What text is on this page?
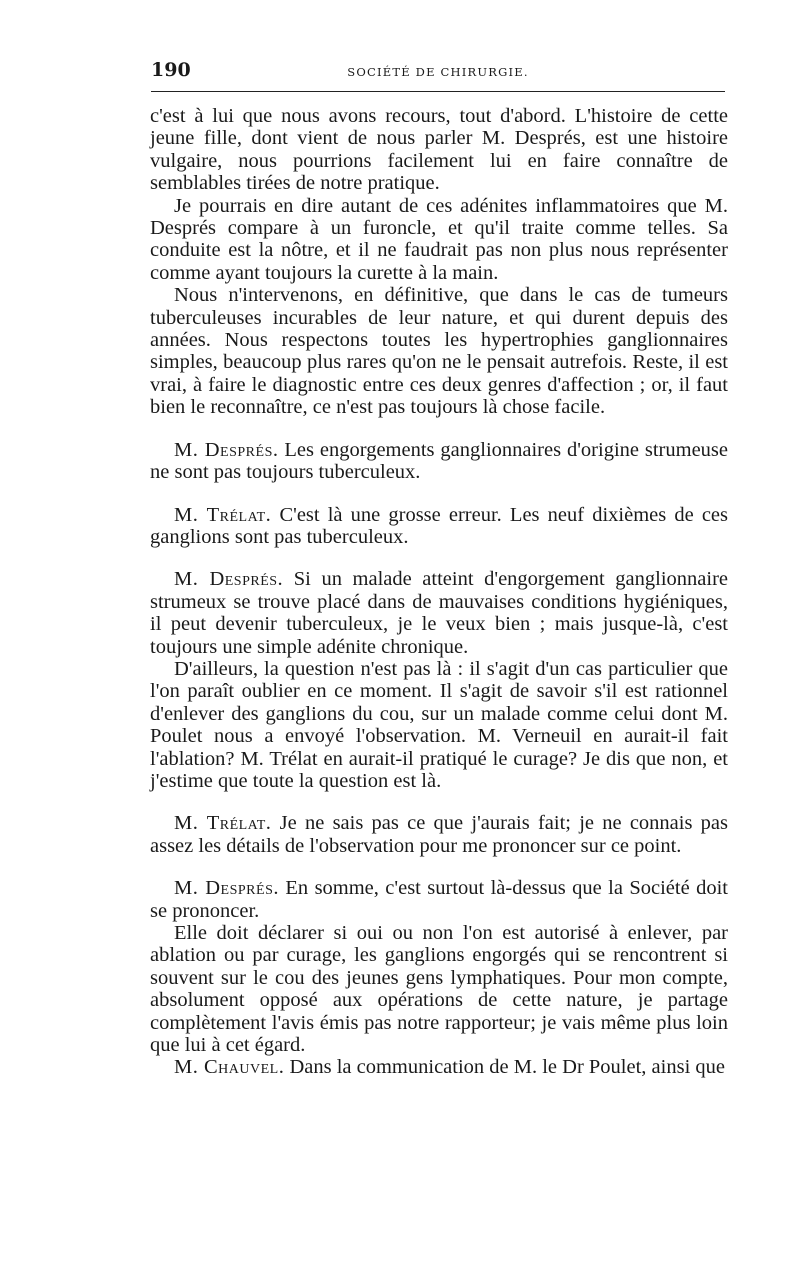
190	SOCIÉTÉ DE CHIRURGIE.

c'est à lui que nous avons recours, tout d'abord. L'histoire de cette jeune fille, dont vient de nous parler M. Després, est une histoire vulgaire, nous pourrions facilement lui en faire connaître de semblables tirées de notre pratique.

Je pourrais en dire autant de ces adénites inflammatoires que M. Després compare à un furoncle, et qu'il traite comme telles. Sa conduite est la nôtre, et il ne faudrait pas non plus nous représenter comme ayant toujours la curette à la main.

Nous n'intervenons, en définitive, que dans le cas de tumeurs tuberculeuses incurables de leur nature, et qui durent depuis des années. Nous respectons toutes les hypertrophies ganglionnaires simples, beaucoup plus rares qu'on ne le pensait autrefois. Reste, il est vrai, à faire le diagnostic entre ces deux genres d'affection ; or, il faut bien le reconnaître, ce n'est pas toujours là chose facile.

M. Després. Les engorgements ganglionnaires d'origine strumeuse ne sont pas toujours tuberculeux.

M. Trélat. C'est là une grosse erreur. Les neuf dixièmes de ces ganglions sont pas tuberculeux.

M. Després. Si un malade atteint d'engorgement ganglionnaire strumeux se trouve placé dans de mauvaises conditions hygiéniques, il peut devenir tuberculeux, je le veux bien ; mais jusque-là, c'est toujours une simple adénite chronique.

D'ailleurs, la question n'est pas là : il s'agit d'un cas particulier que l'on paraît oublier en ce moment. Il s'agit de savoir s'il est rationnel d'enlever des ganglions du cou, sur un malade comme celui dont M. Poulet nous a envoyé l'observation. M. Verneuil en aurait-il fait l'ablation? M. Trélat en aurait-il pratiqué le curage? Je dis que non, et j'estime que toute la question est là.

M. Trélat. Je ne sais pas ce que j'aurais fait; je ne connais pas assez les détails de l'observation pour me prononcer sur ce point.

M. Després. En somme, c'est surtout là-dessus que la Société doit se prononcer.

Elle doit déclarer si oui ou non l'on est autorisé à enlever, par ablation ou par curage, les ganglions engorgés qui se rencontrent si souvent sur le cou des jeunes gens lymphatiques. Pour mon compte, absolument opposé aux opérations de cette nature, je partage complètement l'avis émis pas notre rapporteur; je vais même plus loin que lui à cet égard.

M. Chauvel. Dans la communication de M. le Dr Poulet, ainsi que
